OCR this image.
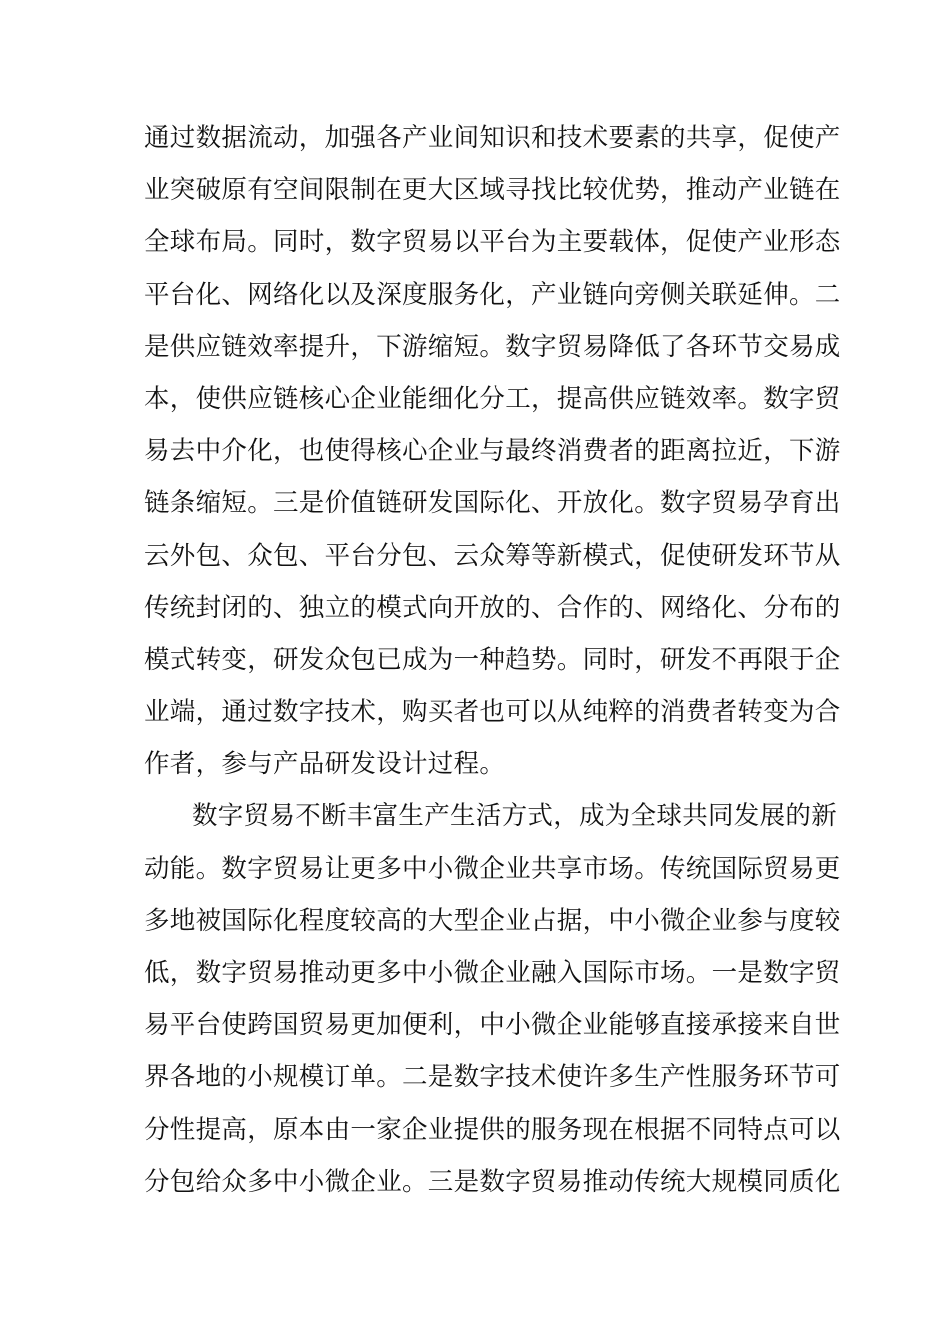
通过数据流动，加强各产业间知识和技术要素的共享，促使产
业突破原有空间限制在更大区域寻找比较优势，推动产业链在
全球布局。同时，数字贸易以平台为主要载体，促使产业形态
平台化、网络化以及深度服务化，产业链向旁侧关联延伸。二
是供应链效率提升，下游缩短。数字贸易降低了各环节交易成
本，使供应链核心企业能细化分工，提高供应链效率。数字贸
易去中介化，也使得核心企业与最终消费者的距离拉近，下游
链条缩短。三是价值链研发国际化、开放化。数字贸易孕育出
云外包、众包、平台分包、云众筹等新模式，促使研发环节从
传统封闭的、独立的模式向开放的、合作的、网络化、分布的
模式转变，研发众包已成为一种趋势。同时，研发不再限于企
业端，通过数字技术，购买者也可以从纯粹的消费者转变为合
作者，参与产品研发设计过程。
数字贸易不断丰富生产生活方式，成为全球共同发展的新
动能。数字贸易让更多中小微企业共享市场。传统国际贸易更
多地被国际化程度较高的大型企业占据，中小微企业参与度较
低，数字贸易推动更多中小微企业融入国际市场。一是数字贸
易平台使跨国贸易更加便利，中小微企业能够直接承接来自世
界各地的小规模订单。二是数字技术使许多生产性服务环节可
分性提高，原本由一家企业提供的服务现在根据不同特点可以
分包给众多中小微企业。三是数字贸易推动传统大规模同质化
